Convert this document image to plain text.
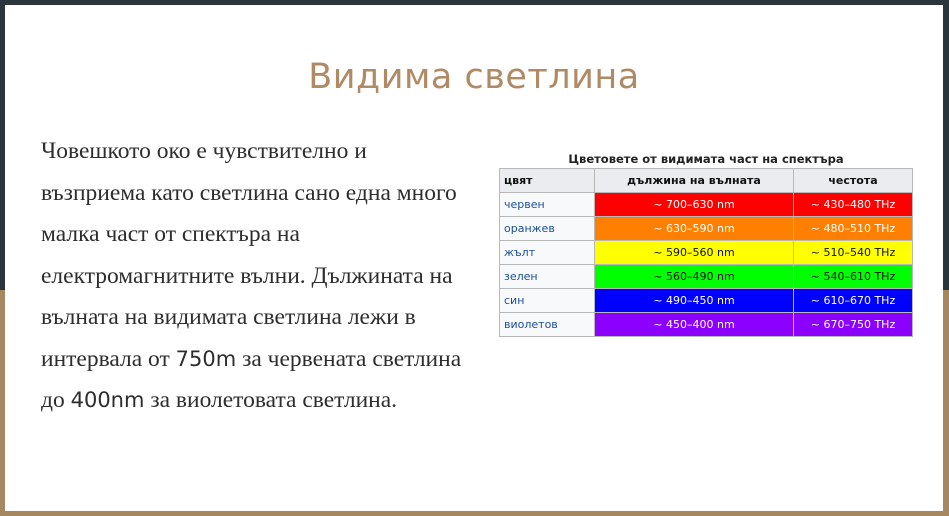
Видима светлина
Човешкото око е чувствително и възприема като светлина сано една много малка част от спектъра на електромагнитните вълни. Дължината на вълната на видимата светлина лежи в интервала от 750m за червената светлина до 400nm за виолетовата светлина.
Цветовете от видимата част на спектъра
цвят	дължина на вълната	честота
червен	~ 700–630 nm	~ 430–480 THz
оранжев	~ 630–590 nm	~ 480–510 THz
жълт	~ 590–560 nm	~ 510–540 THz
зелен	~ 560–490 nm	~ 540–610 THz
син	~ 490–450 nm	~ 610–670 THz
виолетов	~ 450–400 nm	~ 670–750 THz
